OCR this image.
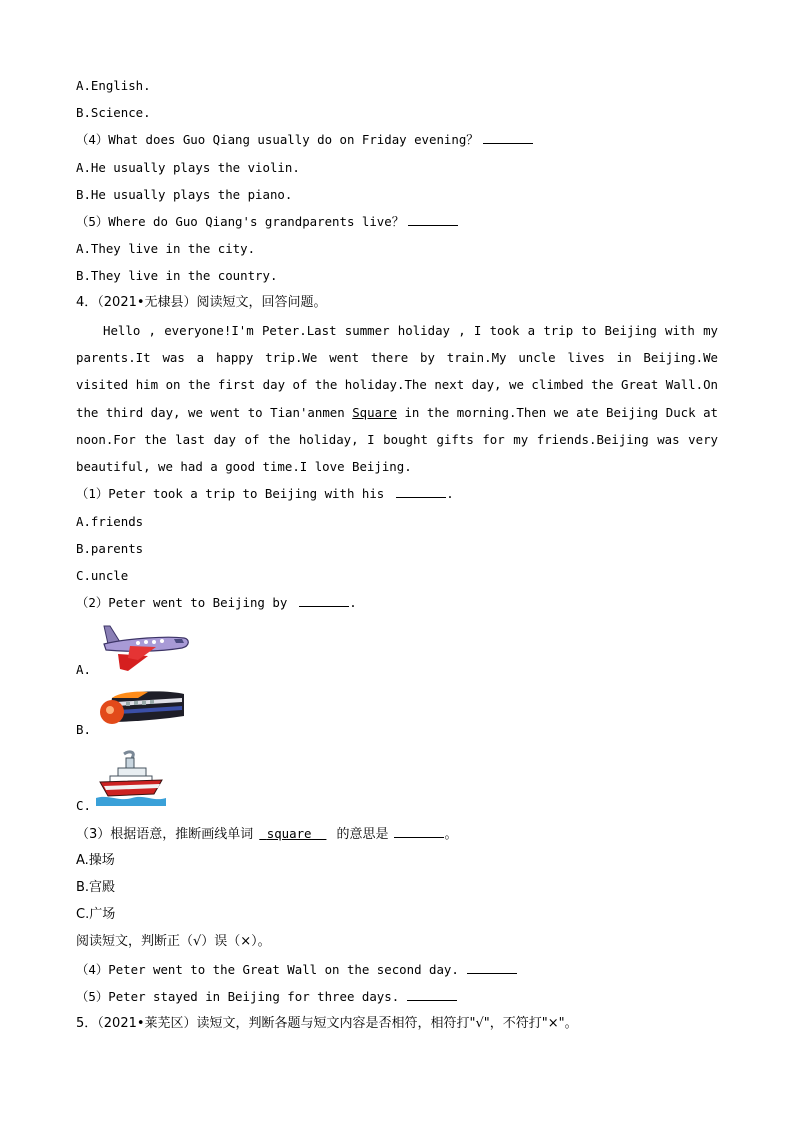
A.English.
B.Science.
（4）What does Guo Qiang usually do on Friday evening？
A.He usually plays the violin.
B.He usually plays the piano.
（5）Where do Guo Qiang's grandparents live？
A.They live in the city.
B.They live in the country.
4．（2021•无棣县）阅读短文，回答问题。
Hello , everyone!I'm Peter.Last summer holiday , I took a trip to Beijing with my parents.It was a happy trip.We went there by train.My uncle lives in Beijing.We visited him on the first day of the holiday.The next day, we climbed the Great Wall.On the third day, we went to Tian'anmen Square in the morning.Then we ate Beijing Duck at noon.For the last day of the holiday, I bought gifts for my friends.Beijing was very beautiful, we had a good time.I love Beijing.
（1）Peter took a trip to Beijing with his	.
A.friends
B.parents
C.uncle
（2）Peter went to Beijing by	.
A.
B.
C.
（3）根据语意，推断画线单词 square 的意思是	。
A.操场
B.宫殿
C.广场
阅读短文，判断正（√）误（×）。
（4）Peter went to the Great Wall on the second day.
（5）Peter stayed in Beijing for three days.
5．（2021•莱芜区）读短文，判断各题与短文内容是否相符，相符打"√"，不符打"×"。
